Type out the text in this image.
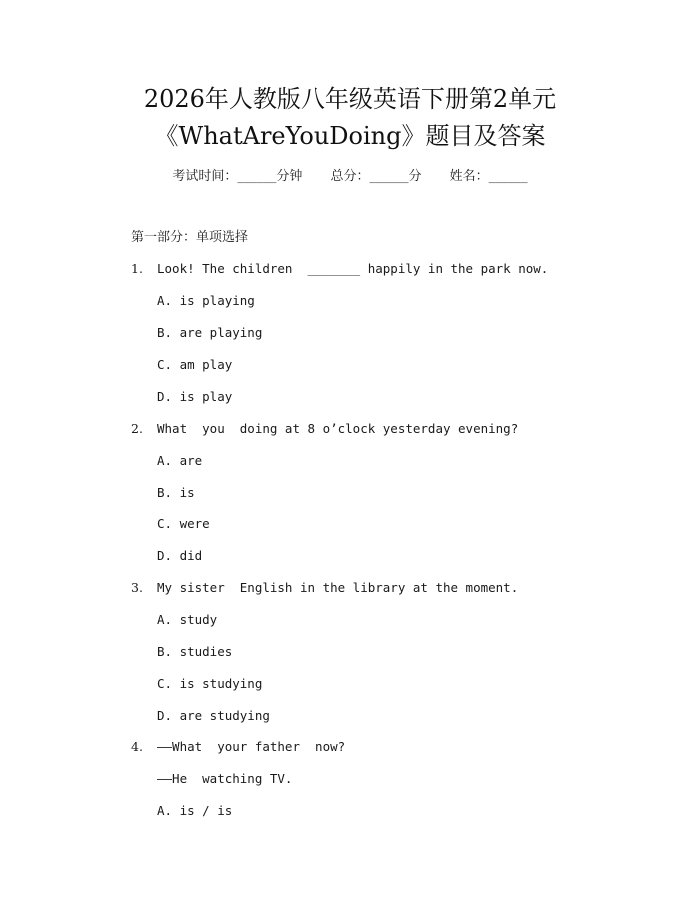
2026年人教版八年级英语下册第2单元
《WhatAreYouDoing》题目及答案
考试时间：______分钟 总分：______分 姓名：______
第一部分：单项选择
1. Look! The children  _______ happily in the park now.
A. is playing
B. are playing
C. am play
D. is play
2. What  you  doing at 8 o’clock yesterday evening?
A. are
B. is
C. were
D. did
3. My sister  English in the library at the moment.
A. study
B. studies
C. is studying
D. are studying
4. ——What  your father  now?
——He  watching TV.
A. is / is
